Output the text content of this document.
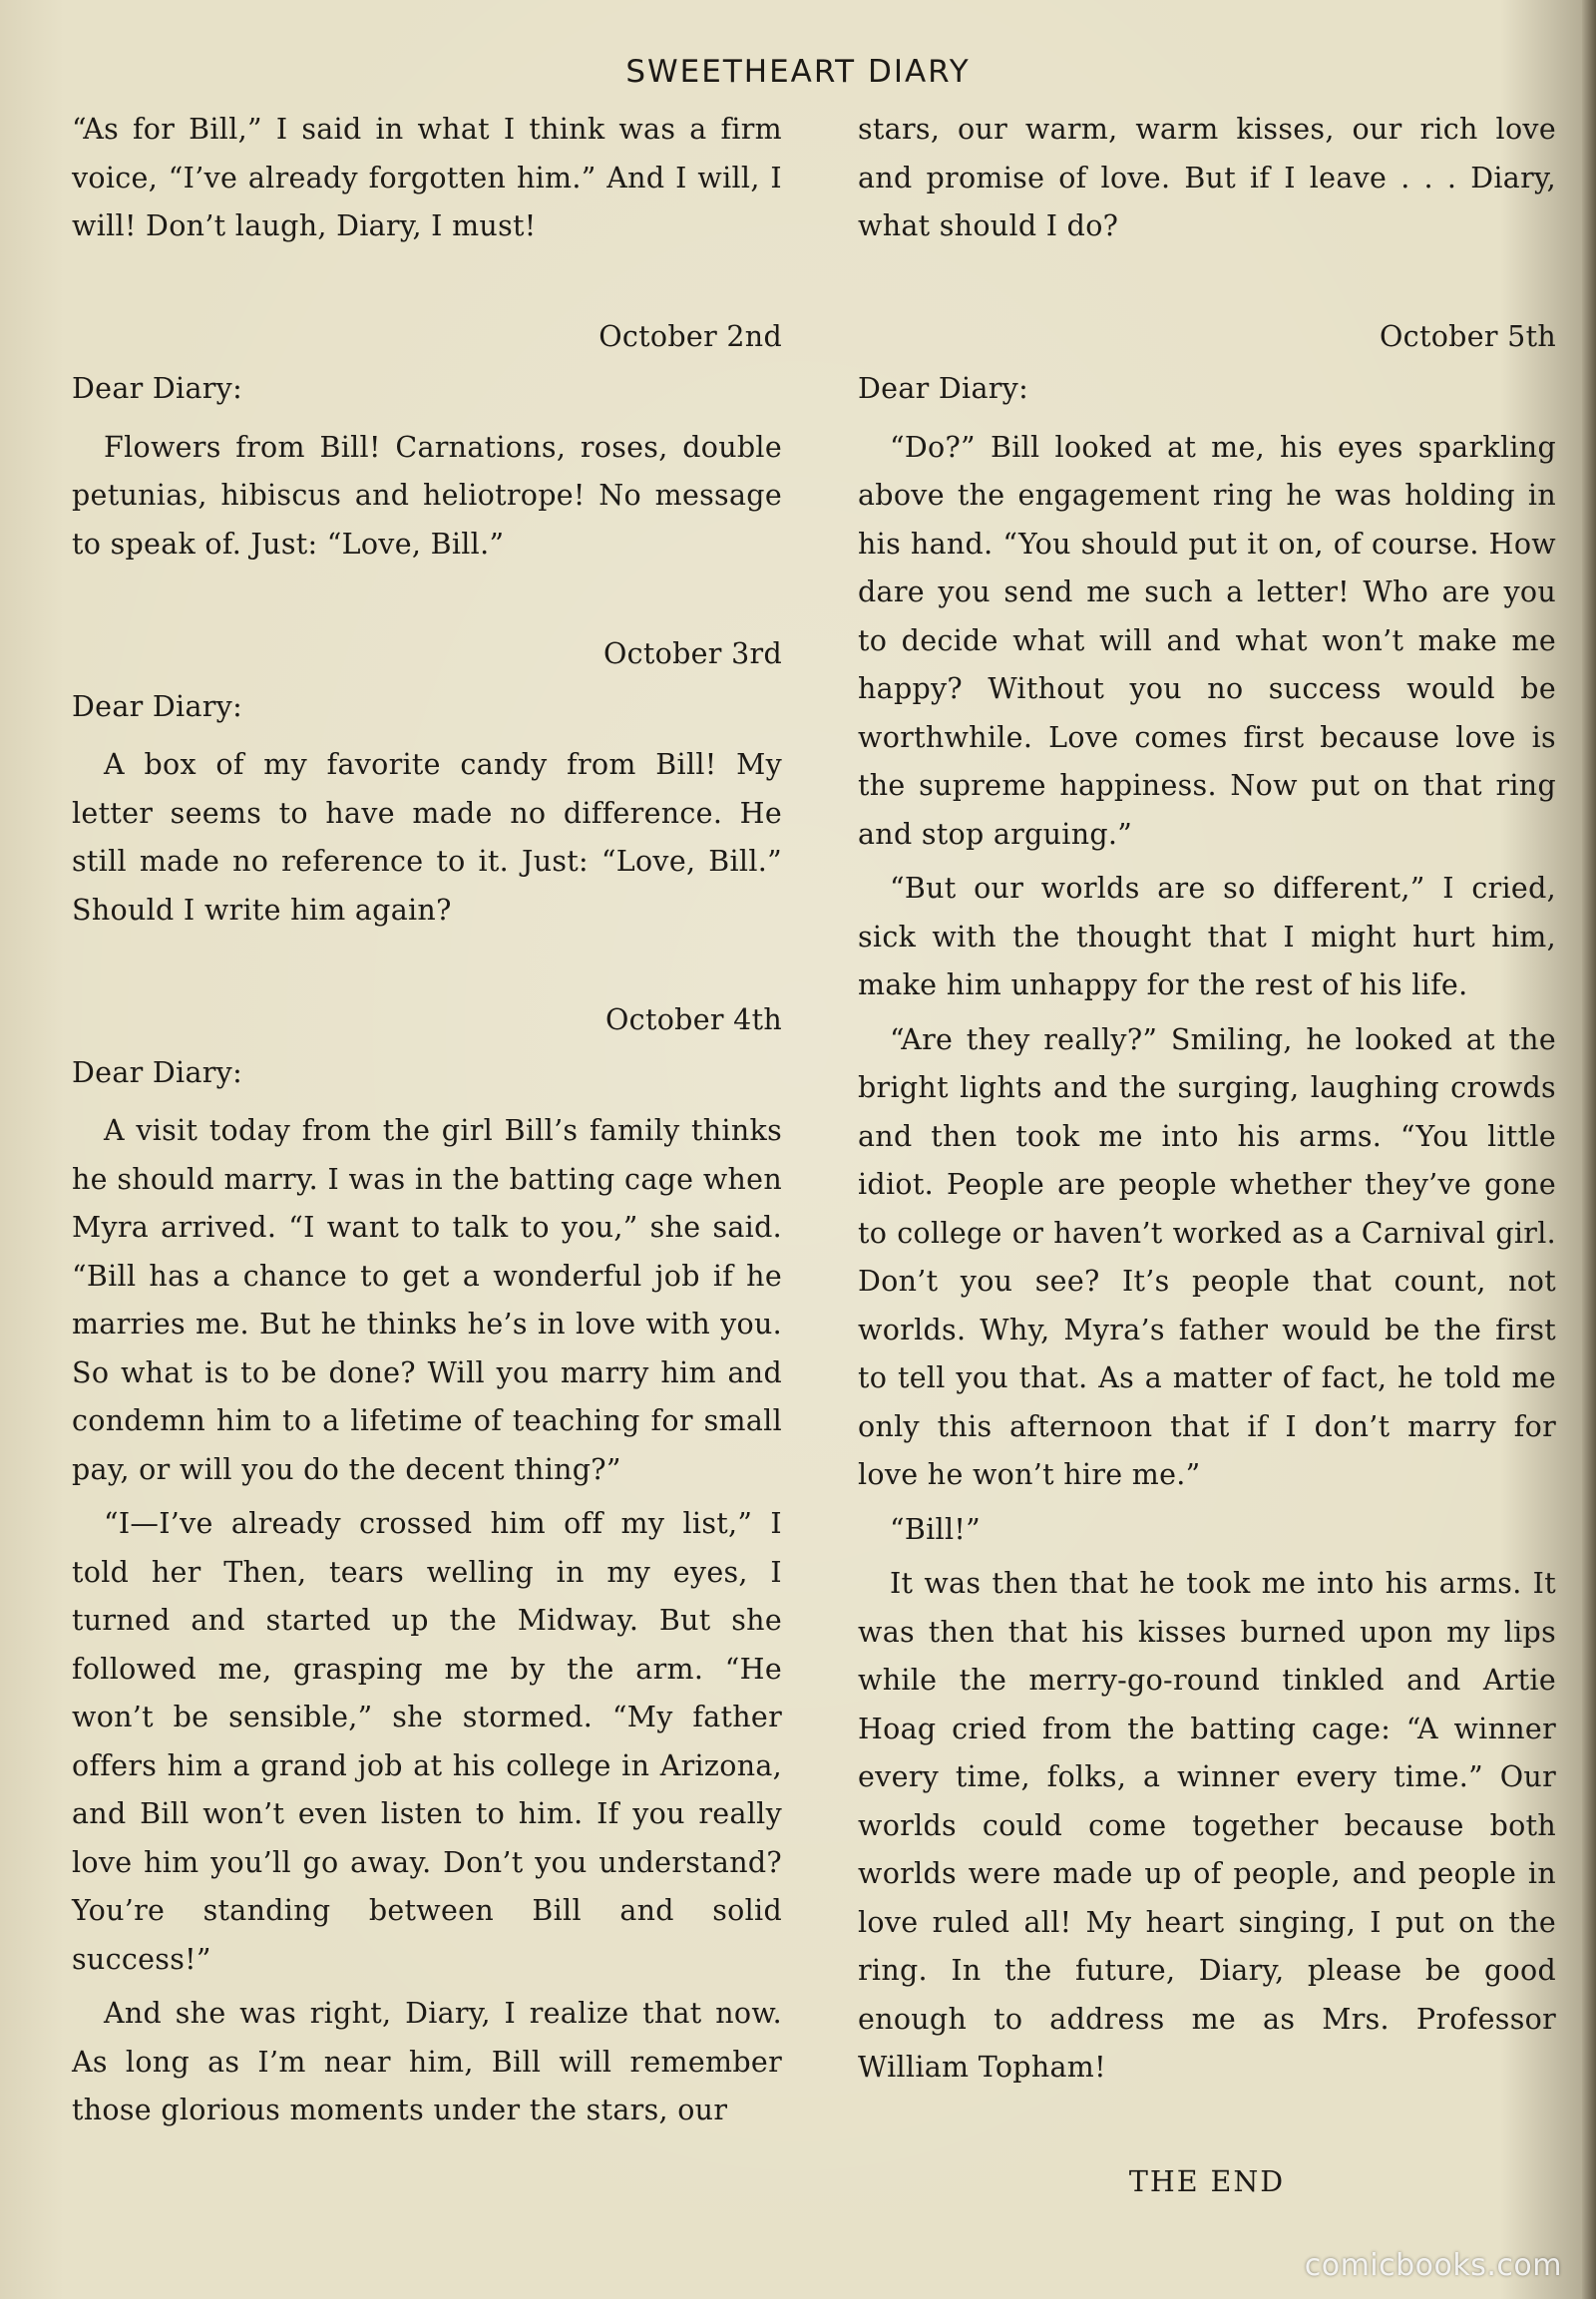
SWEETHEART DIARY

“As for Bill,” I said in what I think was a firm voice, “I’ve already forgotten him.” And I will, I will! Don’t laugh, Diary, I must!

October 2nd

Dear Diary:

Flowers from Bill! Carnations, roses, double petunias, hibiscus and heliotrope! No message to speak of. Just: “Love, Bill.”

October 3rd

Dear Diary:

A box of my favorite candy from Bill! My letter seems to have made no difference. He still made no reference to it. Just: “Love, Bill.” Should I write him again?

October 4th

Dear Diary:

A visit today from the girl Bill’s family thinks he should marry. I was in the batting cage when Myra arrived. “I want to talk to you,” she said. “Bill has a chance to get a wonderful job if he marries me. But he thinks he’s in love with you. So what is to be done? Will you marry him and condemn him to a lifetime of teaching for small pay, or will you do the decent thing?”

“I—I’ve already crossed him off my list,” I told her Then, tears welling in my eyes, I turned and started up the Midway. But she followed me, grasping me by the arm. “He won’t be sensible,” she stormed. “My father offers him a grand job at his college in Arizona, and Bill won’t even listen to him. If you really love him you’ll go away. Don’t you understand? You’re standing between Bill and solid success!”

And she was right, Diary, I realize that now. As long as I’m near him, Bill will remember those glorious moments under the stars, our

stars, our warm, warm kisses, our rich love and promise of love. But if I leave . . . Diary, what should I do?

October 5th

Dear Diary:

“Do?” Bill looked at me, his eyes sparkling above the engagement ring he was holding in his hand. “You should put it on, of course. How dare you send me such a letter! Who are you to decide what will and what won’t make me happy? Without you no success would be worthwhile. Love comes first because love is the supreme happiness. Now put on that ring and stop arguing.”

“But our worlds are so different,” I cried, sick with the thought that I might hurt him, make him unhappy for the rest of his life.

“Are they really?” Smiling, he looked at the bright lights and the surging, laughing crowds and then took me into his arms. “You little idiot. People are people whether they’ve gone to college or haven’t worked as a Carnival girl. Don’t you see? It’s people that count, not worlds. Why, Myra’s father would be the first to tell you that. As a matter of fact, he told me only this afternoon that if I don’t marry for love he won’t hire me.”

“Bill!”

It was then that he took me into his arms. It was then that his kisses burned upon my lips while the merry-go-round tinkled and Artie Hoag cried from the batting cage: “A winner every time, folks, a winner every time.” Our worlds could come together because both worlds were made up of people, and people in love ruled all! My heart singing, I put on the ring. In the future, Diary, please be good enough to address me as Mrs. Professor William Topham!

THE END

comicbooks.com
